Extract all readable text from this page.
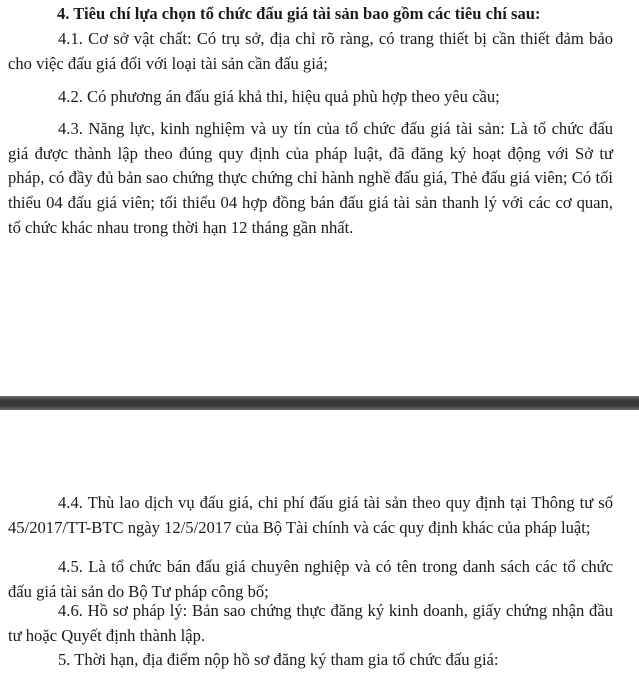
4. Tiêu chí lựa chọn tổ chức đấu giá tài sản bao gồm các tiêu chí sau:

4.1. Cơ sở vật chất: Có trụ sở, địa chỉ rõ ràng, có trang thiết bị cần thiết đảm bảo cho việc đấu giá đối với loại tài sản cần đấu giá;

4.2. Có phương án đấu giá khả thi, hiệu quả phù hợp theo yêu cầu;

4.3. Năng lực, kinh nghiệm và uy tín của tổ chức đấu giá tài sản: Là tổ chức đấu giá được thành lập theo đúng quy định của pháp luật, đã đăng ký hoạt động với Sở tư pháp, có đầy đủ bản sao chứng thực chứng chỉ hành nghề đấu giá, Thẻ đấu giá viên; Có tối thiểu 04 đấu giá viên; tối thiểu 04 hợp đồng bán đấu giá tài sản thanh lý với các cơ quan, tổ chức khác nhau trong thời hạn 12 tháng gần nhất.

4.4. Thù lao dịch vụ đấu giá, chi phí đấu giá tài sản theo quy định tại Thông tư số 45/2017/TT-BTC ngày 12/5/2017 của Bộ Tài chính và các quy định khác của pháp luật;

4.5. Là tổ chức bán đấu giá chuyên nghiệp và có tên trong danh sách các tổ chức đấu giá tài sản do Bộ Tư pháp công bố;

4.6. Hồ sơ pháp lý: Bản sao chứng thực đăng ký kinh doanh, giấy chứng nhận đầu tư hoặc Quyết định thành lập.

5. Thời hạn, địa điểm nộp hồ sơ đăng ký tham gia tổ chức đấu giá:
